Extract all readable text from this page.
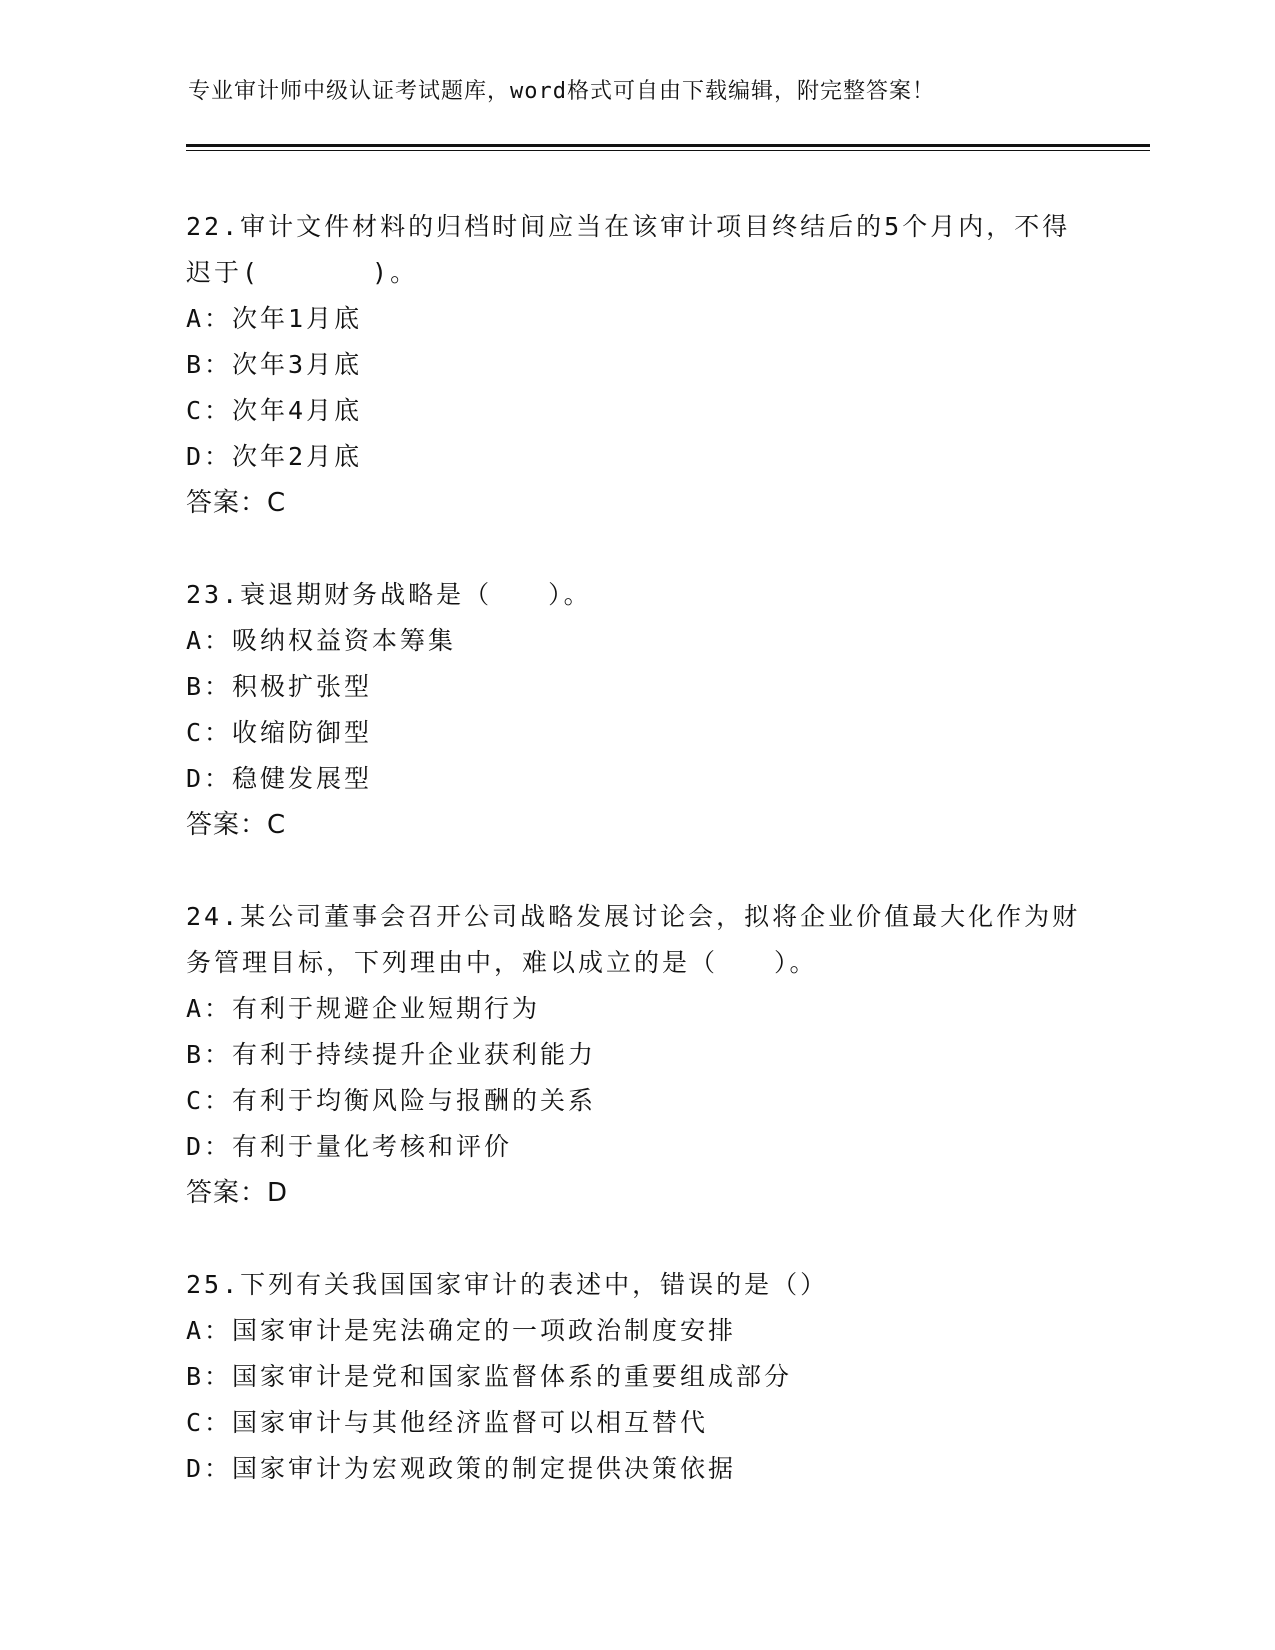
专业审计师中级认证考试题库，word格式可自由下载编辑，附完整答案！
22.审计文件材料的归档时间应当在该审计项目终结后的5个月内，不得迟于(　　　　)。
A：次年1月底
B：次年3月底
C：次年4月底
D：次年2月底
答案：C
23.衰退期财务战略是（　　）。
A：吸纳权益资本筹集
B：积极扩张型
C：收缩防御型
D：稳健发展型
答案：C
24.某公司董事会召开公司战略发展讨论会，拟将企业价值最大化作为财务管理目标，下列理由中，难以成立的是（　　）。
A：有利于规避企业短期行为
B：有利于持续提升企业获利能力
C：有利于均衡风险与报酬的关系
D：有利于量化考核和评价
答案：D
25.下列有关我国国家审计的表述中，错误的是（）
A：国家审计是宪法确定的一项政治制度安排
B：国家审计是党和国家监督体系的重要组成部分
C：国家审计与其他经济监督可以相互替代
D：国家审计为宏观政策的制定提供决策依据
